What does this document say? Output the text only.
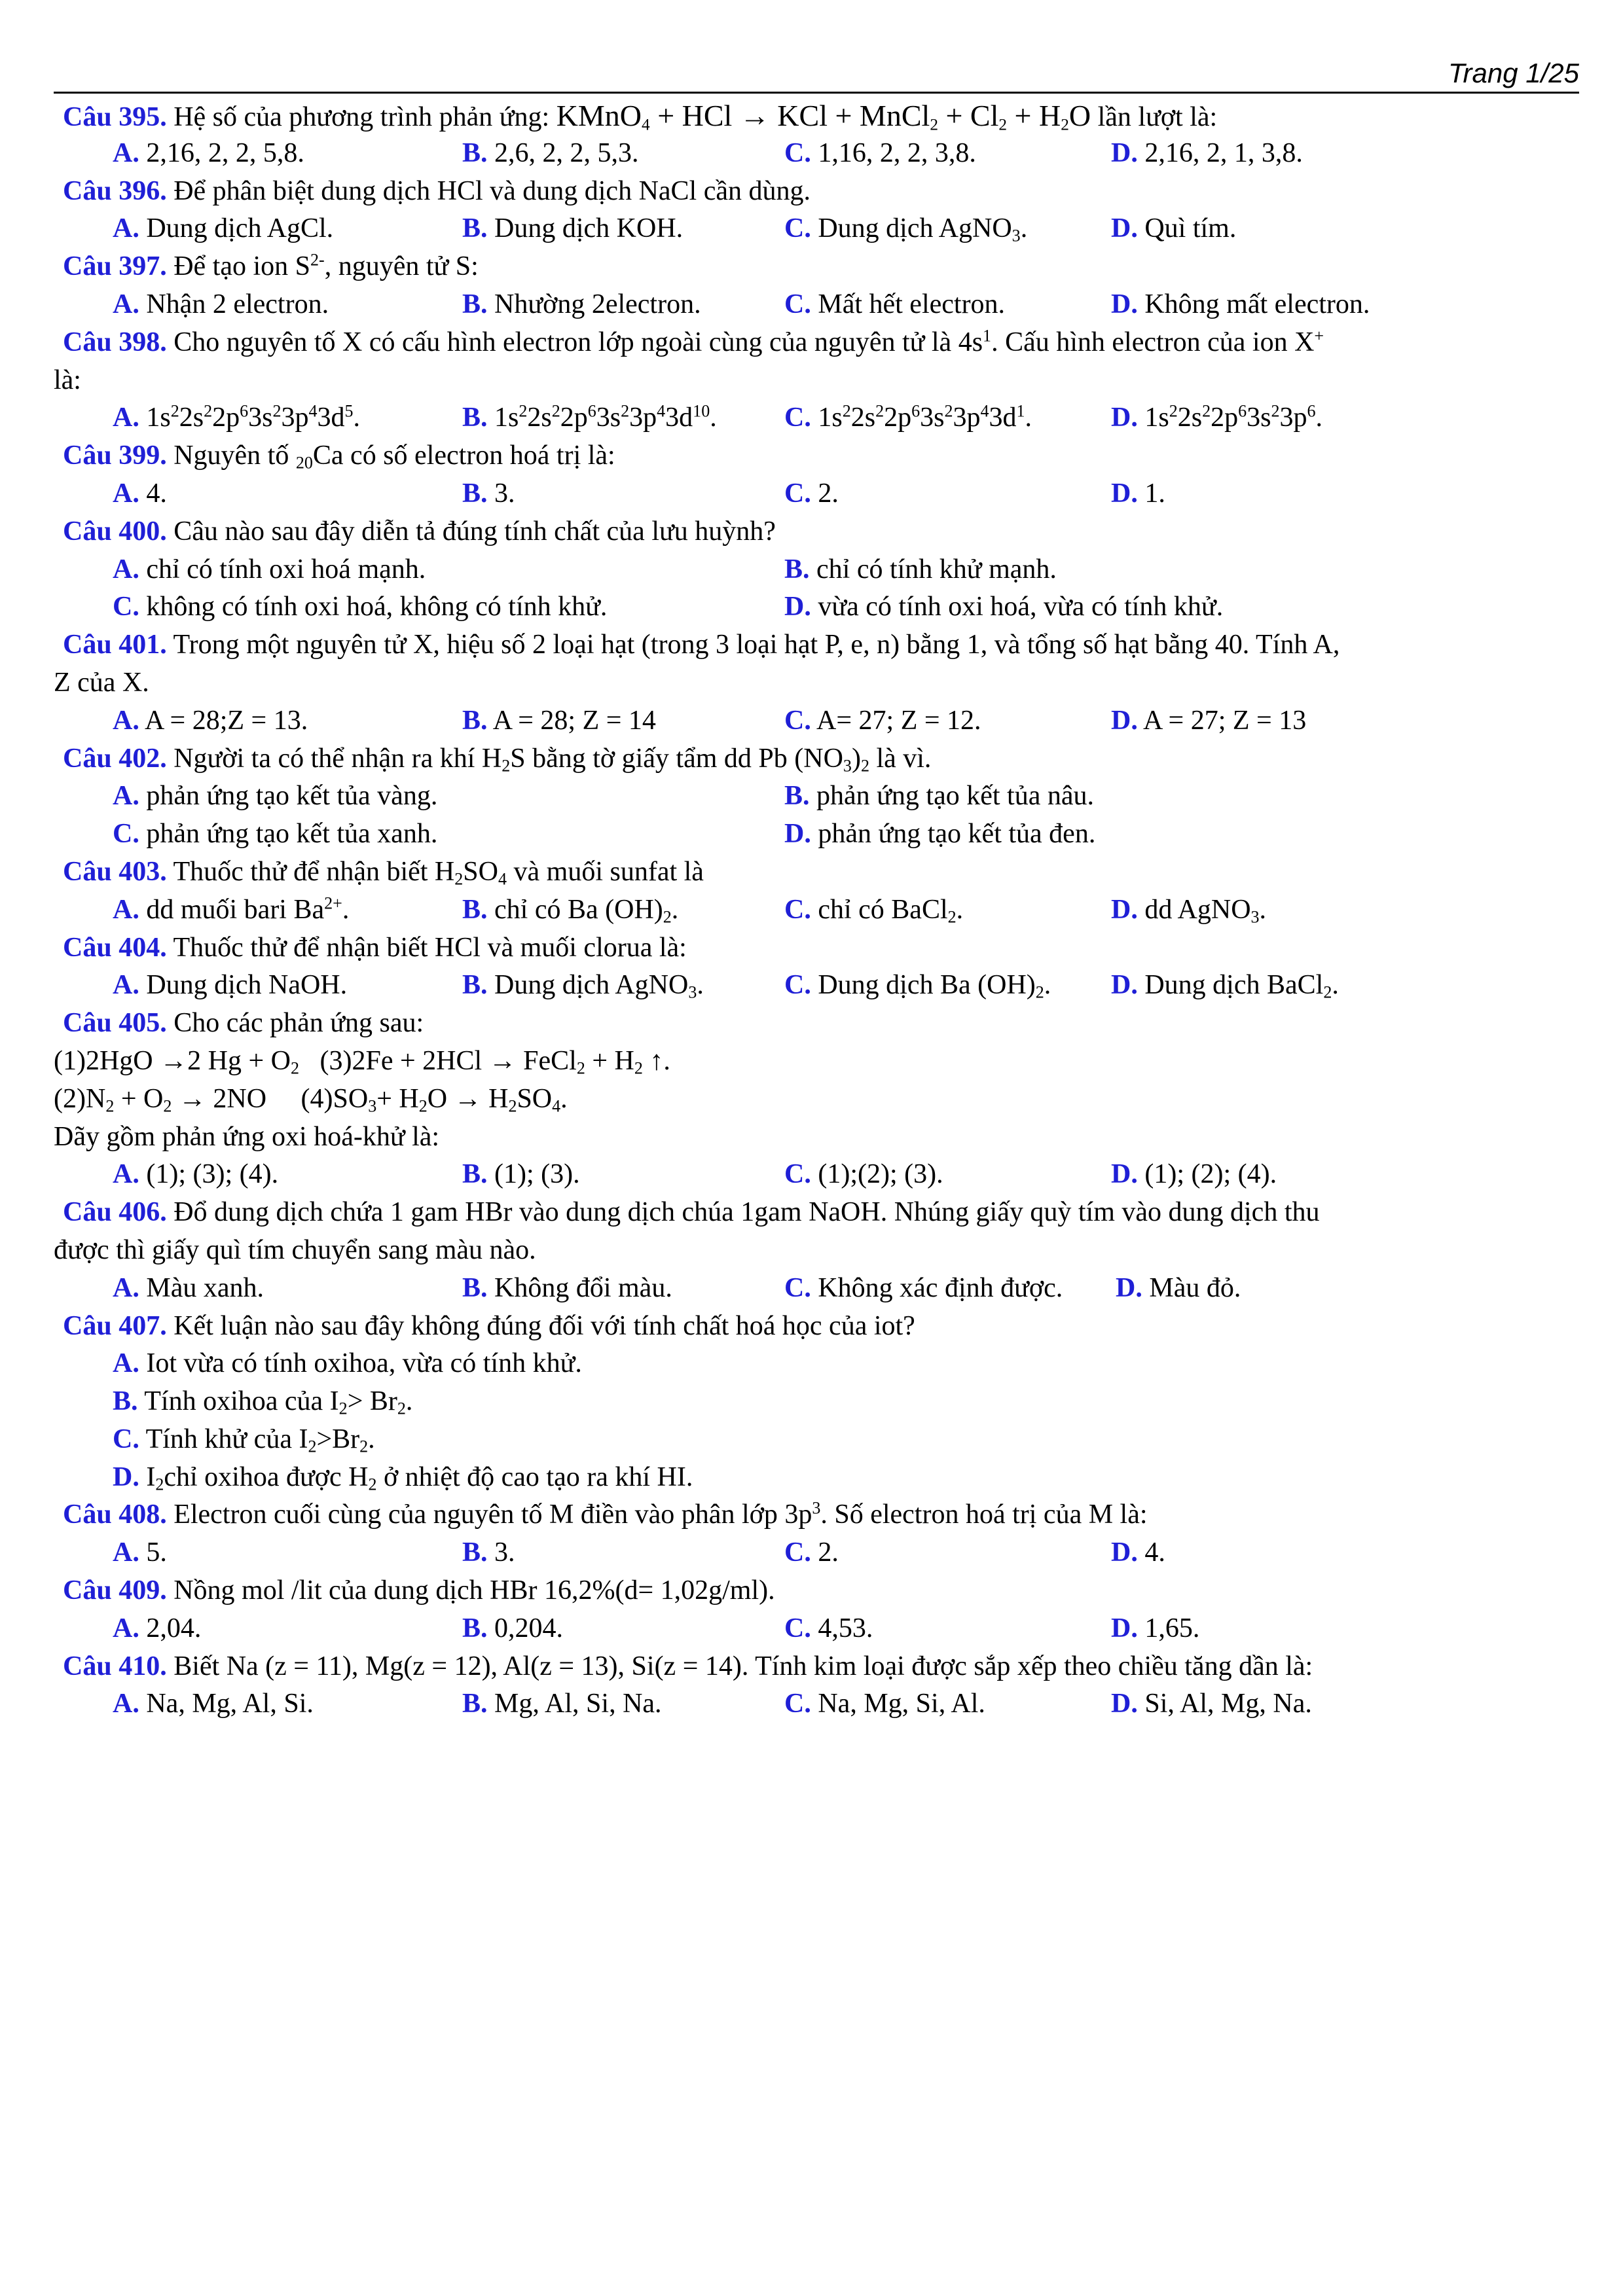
Trang 1/25
Câu 395. Hệ số của phương trình phản ứng: KMnO$_4$ + HCl → KCl + MnCl$_2$ + $Cl_2 + H_2O$ lần lượt là:
A. 2,16, 2, 2, 5,8.	B. 2,6, 2, 2, 5,3.	C. 1,16, 2, 2, 3,8.	D. 2,16, 2, 1, 3,8.
Câu 396. Để phân biệt dung dịch HCl và dung dịch NaCl cần dùng.
A. Dung dịch AgCl.	B. Dung dịch KOH.	C. Dung dịch AgNO$_3$.	D. Quì tím.
Câu 397. Để tạo ion $S^{2-}$, nguyên tử S:
A. Nhận 2 electron.	B. Nhường 2electron.	C. Mất hết electron.	D. Không mất electron.
Câu 398. Cho nguyên tố X có cấu hình electron lớp ngoài cùng của nguyên tử là $4s^1$. Cấu hình electron của ion X+
là:
A. $1s^22s^22p^63s^23p^43d^5$.	B. $1s^22s^22p^63s^23p^43d^{10}$. C. $1s^22s^22p^63s^23p^43d^1$.	D. $1s^22s^22p^63s^23p^6$.
Câu 399. Nguyên tố $_{20}$Ca có số electron hoá trị là:
A. 4.	B. 3.	C. 2.	D. 1.
Câu 400. Câu nào sau đây diễn tả đúng tính chất của lưu huỳnh?
A. chỉ có tính oxi hoá mạnh.	B. chỉ có tính khử mạnh.
C. không có tính oxi hoá, không có tính khử.	D. vừa có tính oxi hoá, vừa có tính khử.
Câu 401. Trong một nguyên tử X, hiệu số 2 loại hạt (trong 3 loại hạt P, e, n) bằng 1, và tổng số hạt bằng 40. Tính A,
Z của X.
A. A = 28;Z = 13.	B. A = 28; Z = 14	C. A= 27; Z = 12.	D. A = 27; Z = 13
Câu 402. Người ta có thể nhận ra khí $H_2S$ bằng tờ giấy tẩm dd Pb $(NO_3)_2$ là vì.
A. phản ứng tạo kết tủa vàng.	B. phản ứng tạo kết tủa nâu.
C. phản ứng tạo kết tủa xanh.	D. phản ứng tạo kết tủa đen.
Câu 403. Thuốc thử để nhận biết $H_2SO_4$ và muối sunfat là
A. dd muối bari $Ba^{2+}$.	B. chỉ có Ba $(OH)_2$.	C. chỉ có BaCl$_2$.	D. dd AgNO$_3$.
Câu 404. Thuốc thử để nhận biết HCl và muối clorua là:
A. Dung dịch NaOH.	B. Dung dịch AgNO$_3$.	C. Dung dịch Ba $(OH)_2$. D. Dung dịch BaCl$_2$.
Câu 405. Cho các phản ứng sau:
(1)2HgO →2 $Hg + O_2$   (3)2Fe + 2HCl → FeCl$_2$ + $H_2$ ↑.
$(2)N_2 + O_2 \to 2NO$     $(4)SO_3+ H_2O \to H_2SO_4$.
Dãy gồm phản ứng oxi hoá-khử là:
A. (1); (3); (4).	B. (1); (3).	C. (1);(2); (3).	D. (1); (2); (4).
Câu 406. Đổ dung dịch chứa 1 gam HBr vào dung dịch chúa 1gam NaOH. Nhúng giấy quỳ tím vào dung dịch thu
được thì giấy quì tím chuyển sang màu nào.
A. Màu xanh.	B. Không đổi màu.	C. Không xác định được. D. Màu đỏ.
Câu 407. Kết luận nào sau đây không đúng đối với tính chất hoá học của iot?
A. Iot vừa có tính oxihoa, vừa có tính khử.
B. Tính oxihoa của $I_2> Br_2$.
C. Tính khử của $I_2>Br_2$.
D. $I_2chỉ$ oxihoa được $H_2$ ở nhiệt độ cao tạo ra khí HI.
Câu 408. Electron cuối cùng của nguyên tố M điền vào phân lớp $3p^3$. Số electron hoá trị của M là:
A. 5.	B. 3.	C. 2.	D. 4.
Câu 409. Nồng mol /lit của dung dịch HBr 16,2%(d= 1,02g/ml).
A. 2,04.	B. 0,204.	C. 4,53.	D. 1,65.
Câu 410. Biết Na (z = 11), Mg(z = 12), Al(z = 13), Si(z = 14). Tính kim loại được sắp xếp theo chiều tăng dần là:
A. Na, Mg, Al, Si.	B. Mg, Al, Si, Na.	C. Na, Mg, Si, Al.	D. Si, Al, Mg, Na.
